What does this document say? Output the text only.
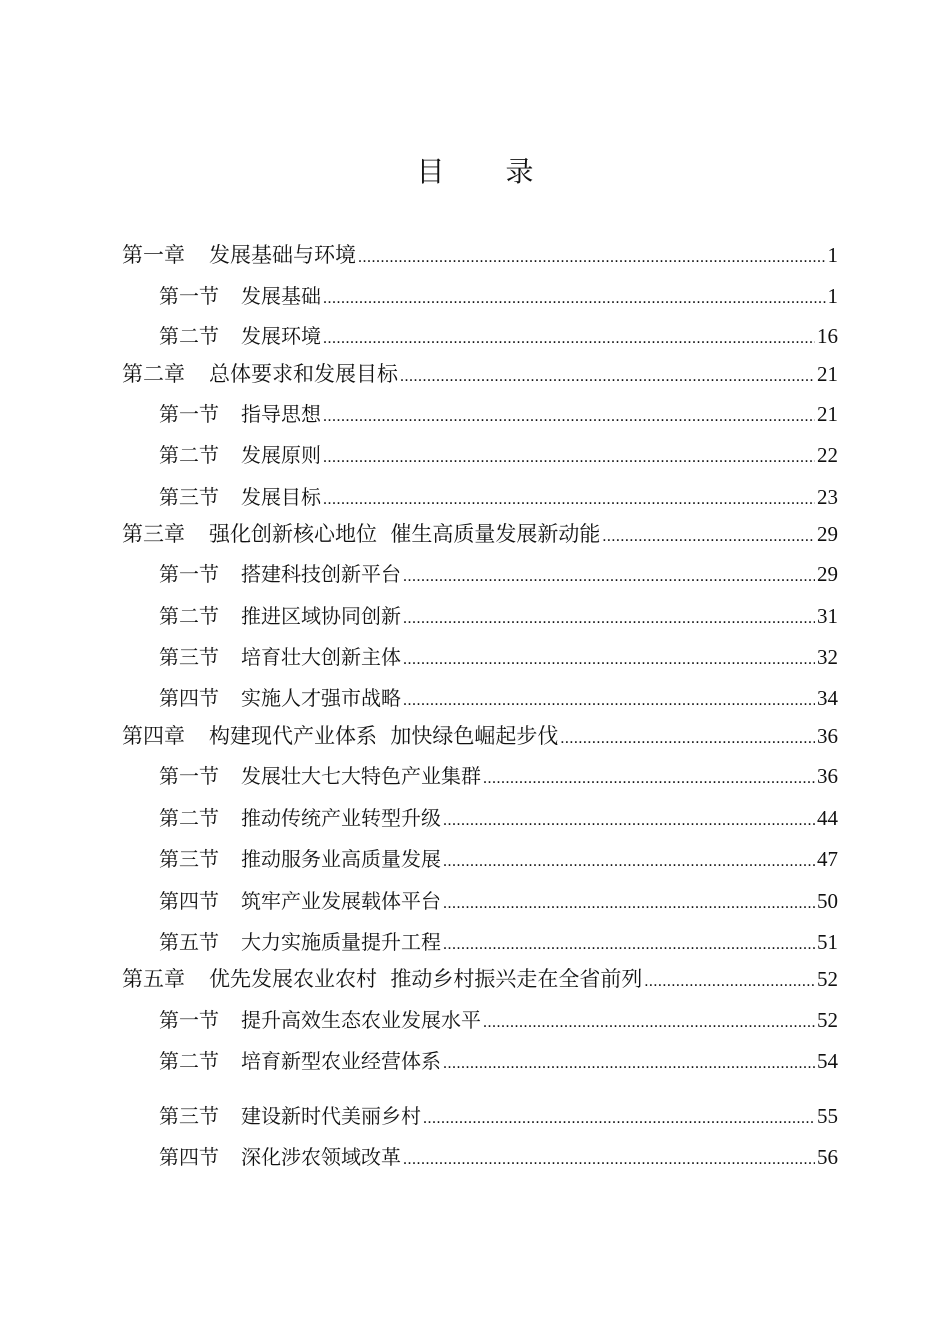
目 录
第一章 发展基础与环境 .....	1
第一节 发展基础 .....	1
第二节 发展环境 .....	16
第二章 总体要求和发展目标 .....	21
第一节 指导思想 .....	21
第二节 发展原则 .....	22
第三节 发展目标 .....	23
第三章 强化创新核心地位  催生高质量发展新动能 .....	29
第一节 搭建科技创新平台 .....	29
第二节 推进区域协同创新 .....	31
第三节 培育壮大创新主体 .....	32
第四节 实施人才强市战略 .....	34
第四章 构建现代产业体系  加快绿色崛起步伐 .....	36
第一节 发展壮大七大特色产业集群 .....	36
第二节 推动传统产业转型升级 .....	44
第三节 推动服务业高质量发展 .....	47
第四节 筑牢产业发展载体平台 .....	50
第五节 大力实施质量提升工程 .....	51
第五章 优先发展农业农村  推动乡村振兴走在全省前列 .....	52
第一节 提升高效生态农业发展水平 .....	52
第二节 培育新型农业经营体系 .....	54
第三节 建设新时代美丽乡村 .....	55
第四节 深化涉农领域改革 .....	56
